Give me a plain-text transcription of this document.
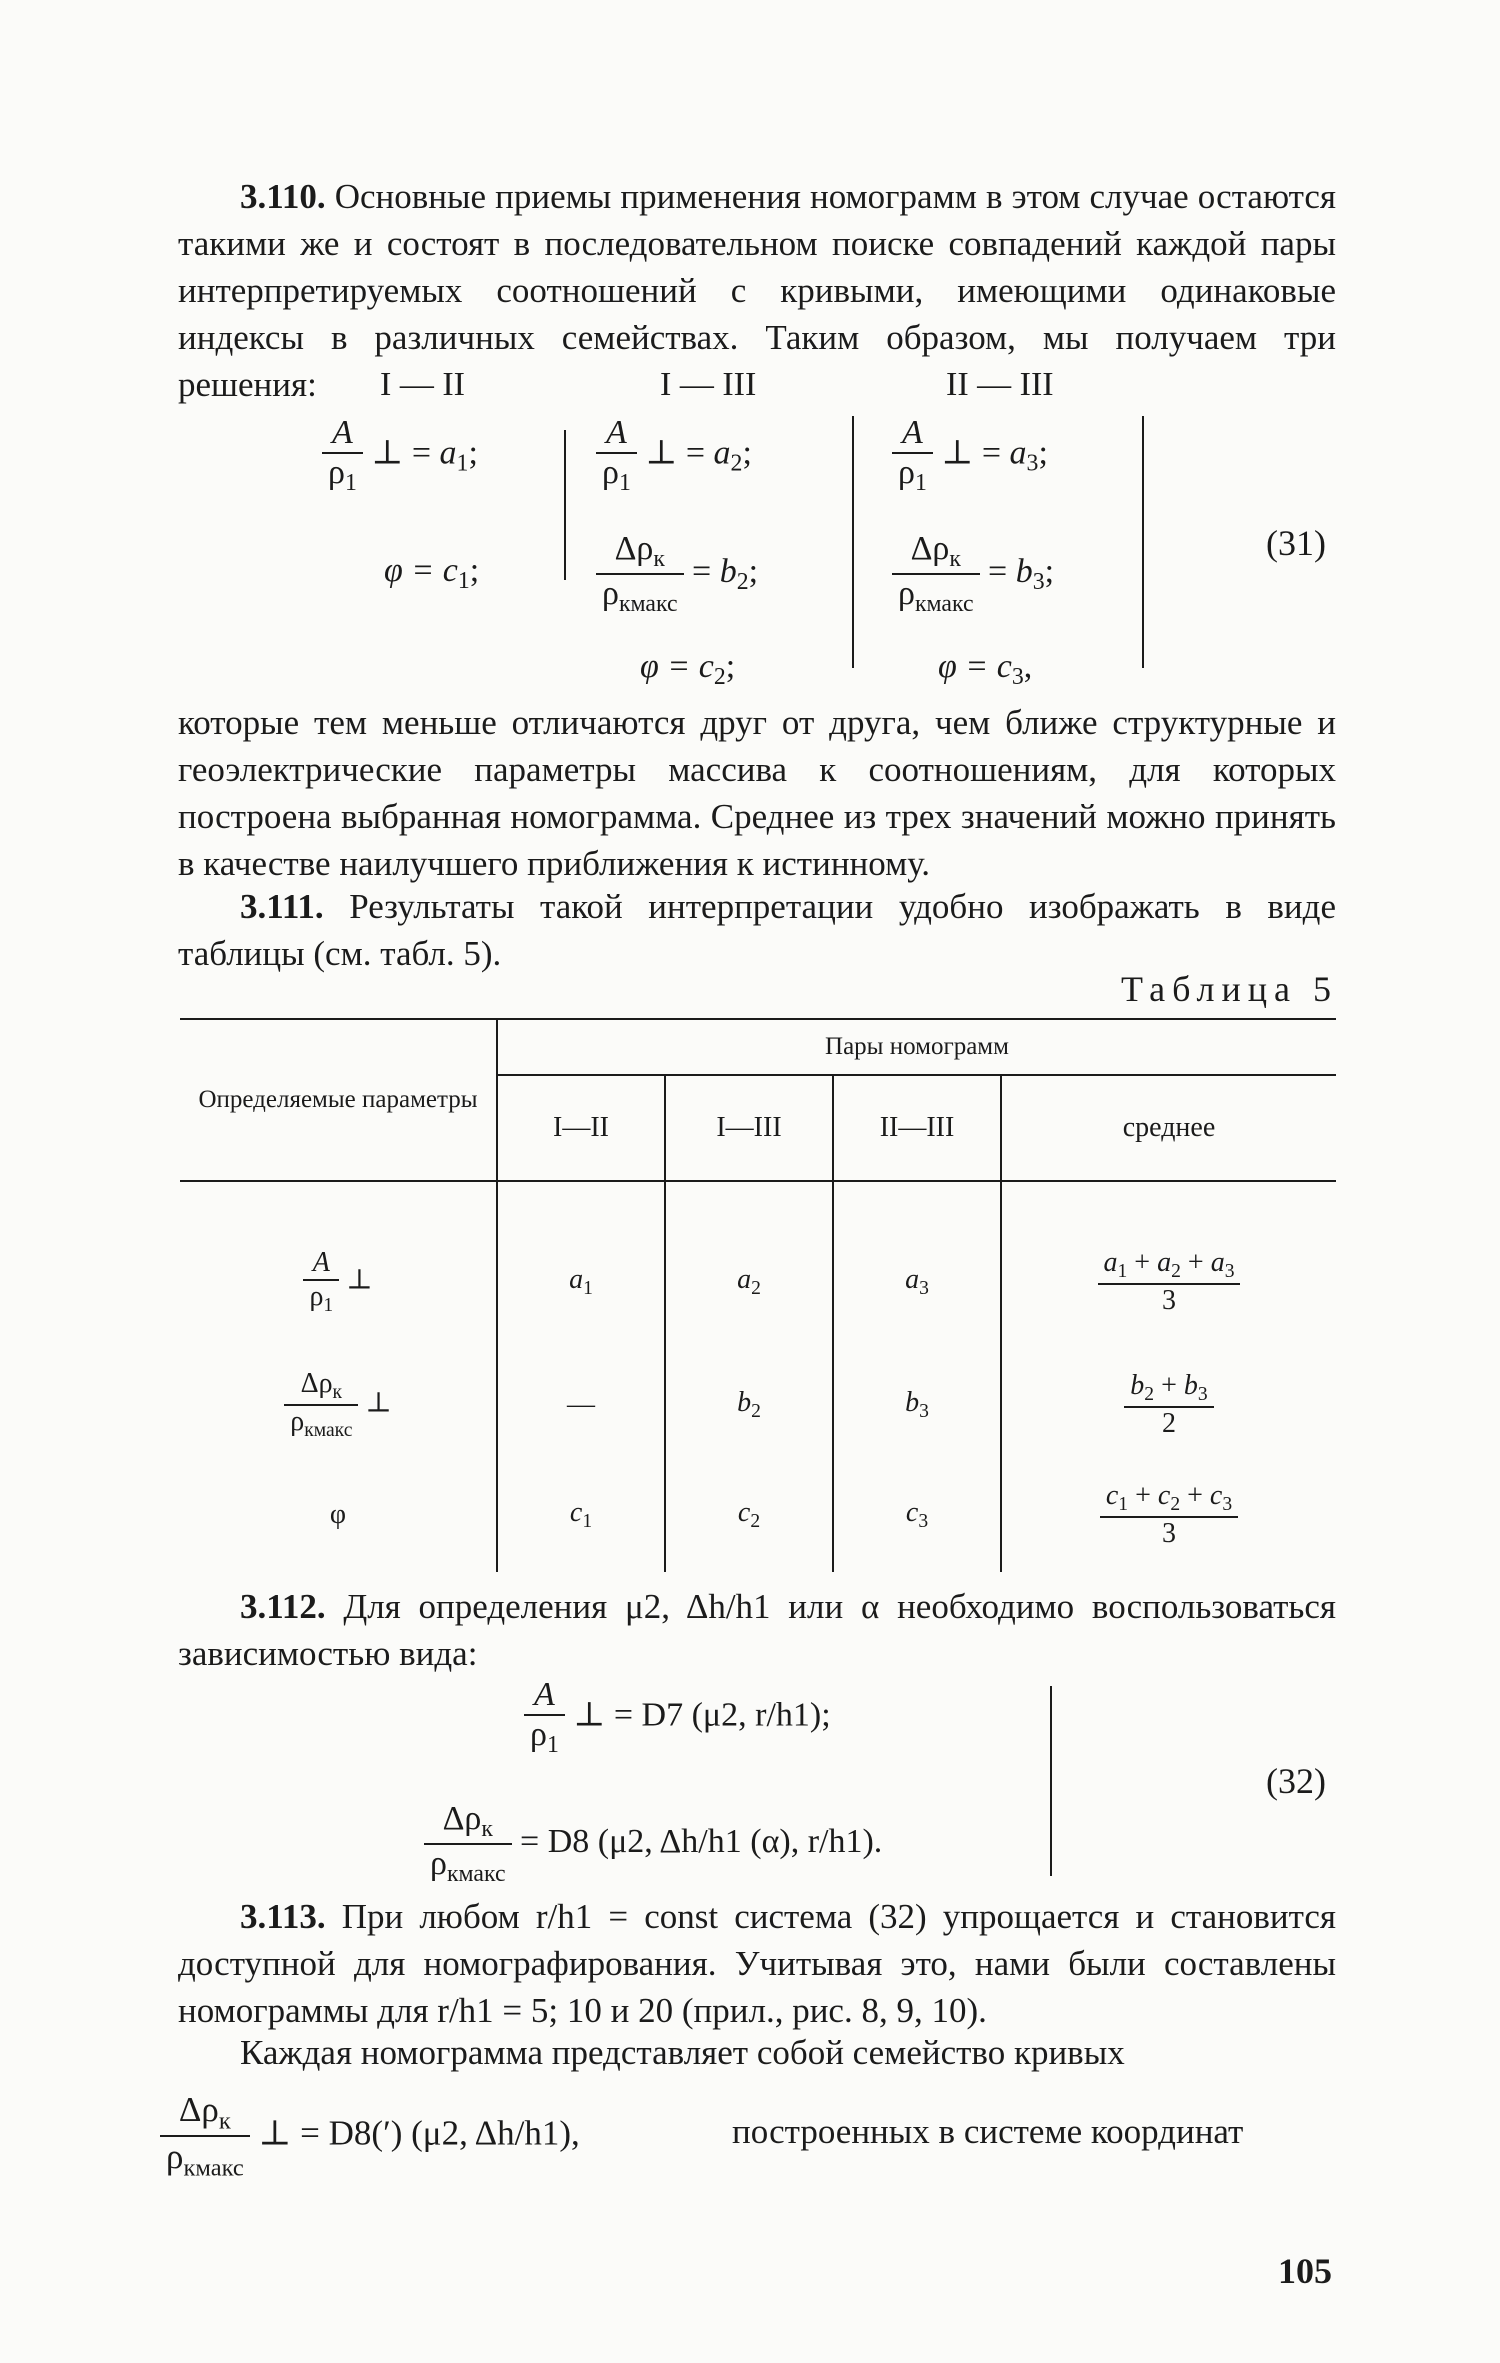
3.110. Основные приемы применения номограмм в этом случае остаются такими же и состоят в последовательном поиске совпадений каждой пары интерпретируемых соотношений с кривыми, имеющими одинаковые индексы в различных семействах. Таким образом, мы получаем три решения:	I — II	I — III	II — III
$\frac{A}{\rho_1}$ ⊥ = $a_1$;
$\varphi = c_1$;
$\frac{A}{\rho_1}$ ⊥ = $a_2$;
$\frac{\Delta\rho_к}{\rho_{кмакс}} = b_2$;
$\varphi = c_2$;
$\frac{A}{\rho_1}$ ⊥ = $a_3$;
$\frac{\Delta\rho_к}{\rho_{кмакс}} = b_3$;
$\varphi = c_3$,
(31)

которые тем меньше отличаются друг от друга, чем ближе структурные и геоэлектрические параметры массива к соотношениям, для которых построена выбранная номограмма. Среднее из трех значений можно принять в качестве наилучшего приближения к истинному.

3.111. Результаты такой интерпретации удобно изображать в виде таблицы (см. табл. 5).

Таблица 5
Определяемые параметры	Пары номограмм			
	I—II	I—III	II—III	среднее

$\frac{A}{\rho_1}$ ⊥	$a_1$	$a_2$	$a_3$	$\frac{a_1 + a_2 + a_3}{3}$

$\frac{\Delta\rho_к}{\rho_{кмакс}}$ ⊥	—	$b_2$	$b_3$	$\frac{b_2 + b_3}{2}$

φ	$c_1$	$c_2$	$c_3$	$\frac{c_1 + c_2 + c_3}{3}$

3.112. Для определения μ2, Δh/h1 или α необходимо воспользоваться зависимостью вида:

$\frac{A}{\rho_1}$ ⊥ = D7 (μ2, r/h1);
$\frac{\Delta\rho_к}{\rho_{кмакс}} = D8$ (μ2, Δh/h1 (α), r/h1).
(32)

3.113. При любом r/h1 = const система (32) упрощается и становится доступной для номографирования. Учитывая это, нами были составлены номограммы для r/h1 = 5; 10 и 20 (прил., рис. 8, 9, 10).

Каждая номограмма представляет собой семейство кривых

$\frac{\Delta\rho_к}{\rho_{кмакс}}$ ⊥ = D8(′) (μ2, Δh/h1),	построенных в системе координат
105
